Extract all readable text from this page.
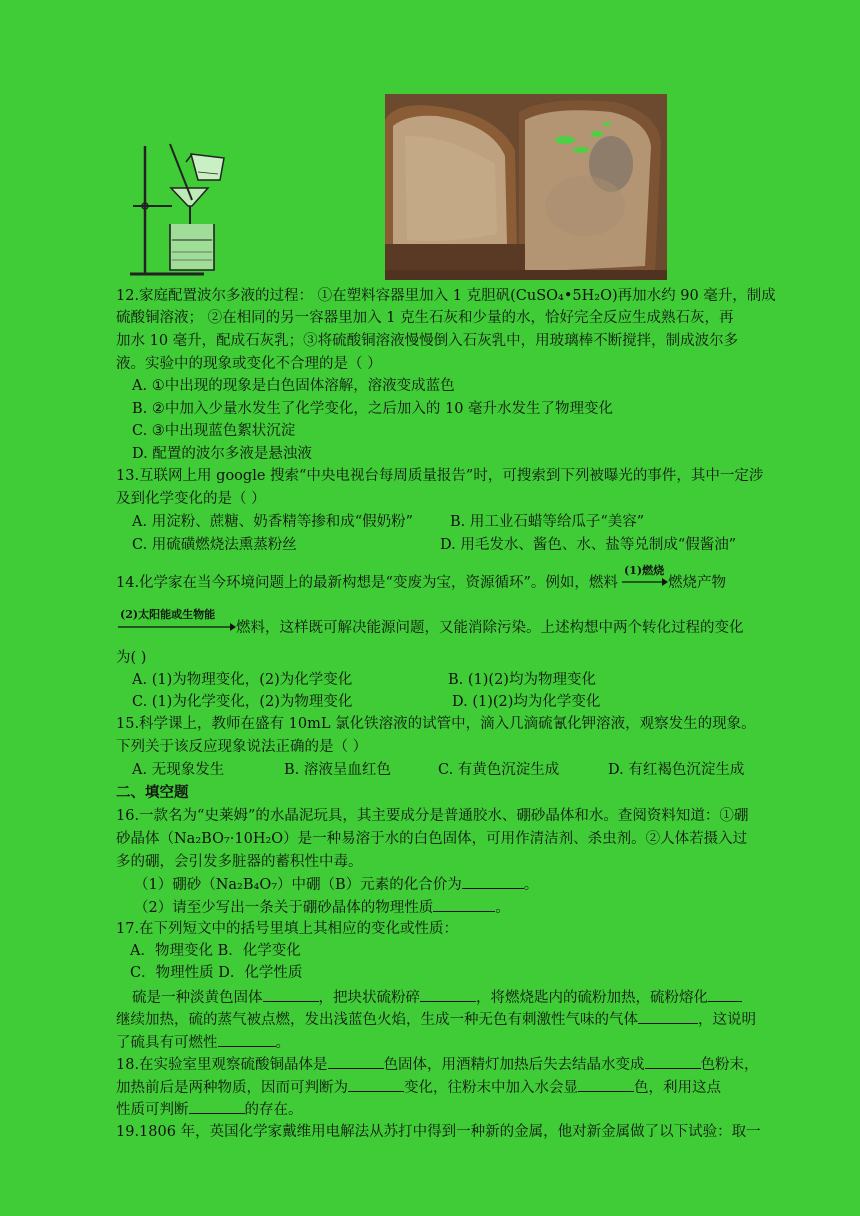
12.家庭配置波尔多液的过程： ①在塑料容器里加入 1 克胆矾(CuSO₄•5H₂O)再加水约 90 毫升，制成
硫酸铜溶液； ②在相同的另一容器里加入 1 克生石灰和少量的水，恰好完全反应生成熟石灰，再
加水 10 毫升，配成石灰乳；③将硫酸铜溶液慢慢倒入石灰乳中，用玻璃棒不断搅拌，制成波尔多
液。实验中的现象或变化不合理的是（ ）
A. ①中出现的现象是白色固体溶解，溶液变成蓝色
B. ②中加入少量水发生了化学变化，之后加入的 10 毫升水发生了物理变化
C. ③中出现蓝色絮状沉淀
D. 配置的波尔多液是悬浊液
13.互联网上用 google 搜索“中央电视台每周质量报告”时，可搜索到下列被曝光的事件，其中一定涉
及到化学变化的是（ ）
A. 用淀粉、蔗糖、奶香精等掺和成“假奶粉”	B. 用工业石蜡等给瓜子“美容”
C. 用硫磺燃烧法熏蒸粉丝	D. 用毛发水、酱色、水、盐等兑制成“假酱油”
14.化学家在当今环境问题上的最新构想是“变废为宝，资源循环”。例如，燃料
(1)燃烧
燃烧产物
(2)太阳能或生物能
燃料，这样既可解决能源问题，又能消除污染。上述构想中两个转化过程的变化
为( )
A. (1)为物理变化，(2)为化学变化	B. (1)(2)均为物理变化
C. (1)为化学变化，(2)为物理变化	D. (1)(2)均为化学变化
15.科学课上，教师在盛有 10mL 氯化铁溶液的试管中，滴入几滴硫氰化钾溶液，观察发生的现象。
下列关于该反应现象说法正确的是（ ）
A. 无现象发生	B. 溶液呈血红色	C. 有黄色沉淀生成	D. 有红褐色沉淀生成
二、填空题
16.一款名为“史莱姆”的水晶泥玩具，其主要成分是普通胶水、硼砂晶体和水。查阅资料知道：①硼
砂晶体（Na₂BO₇·10H₂O）是一种易溶于水的白色固体，可用作清洁剂、杀虫剂。②人体若摄入过
多的硼，会引发多脏器的蓄积性中毒。
（1）硼砂（Na₂B₄O₇）中硼（B）元素的化合价为	。
（2）请至少写出一条关于硼砂晶体的物理性质	。
17.在下列短文中的括号里填上其相应的变化或性质：
A．物理变化 B．化学变化
C．物理性质 D．化学性质
硫是一种淡黄色固体	，把块状硫粉碎	，将燃烧匙内的硫粉加热，硫粉熔化
继续加热，硫的蒸气被点燃，发出浅蓝色火焰，生成一种无色有刺激性气味的气体	，这说明
了硫具有可燃性	。
18.在实验室里观察硫酸铜晶体是	色固体，用酒精灯加热后失去结晶水变成	色粉末，
加热前后是两种物质，因而可判断为	变化，往粉末中加入水会显	色，利用这点
性质可判断	的存在。
19.1806 年，英国化学家戴维用电解法从苏打中得到一种新的金属，他对新金属做了以下试验：取一
